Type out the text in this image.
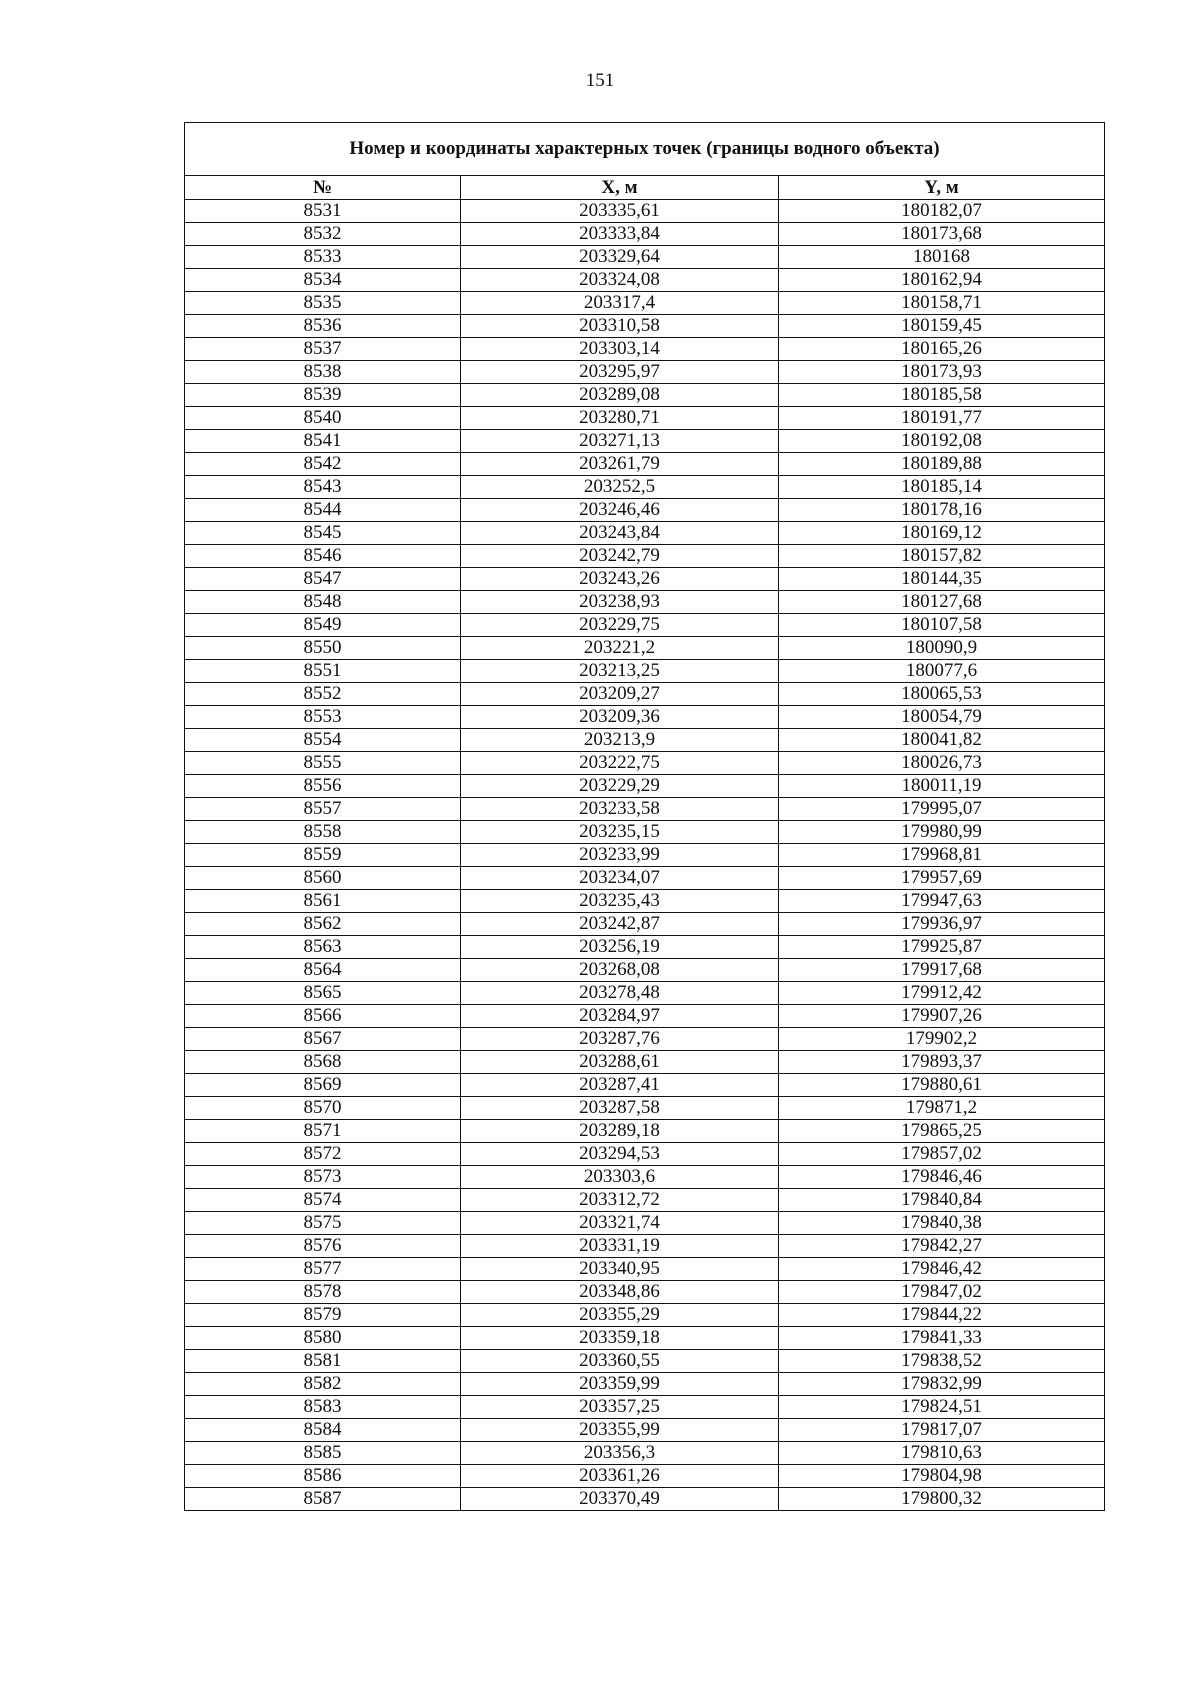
151
Номер и координаты характерных точек (границы водного объекта)		
№	X, м	Y, м
8531	203335,61	180182,07
8532	203333,84	180173,68
8533	203329,64	180168
8534	203324,08	180162,94
8535	203317,4	180158,71
8536	203310,58	180159,45
8537	203303,14	180165,26
8538	203295,97	180173,93
8539	203289,08	180185,58
8540	203280,71	180191,77
8541	203271,13	180192,08
8542	203261,79	180189,88
8543	203252,5	180185,14
8544	203246,46	180178,16
8545	203243,84	180169,12
8546	203242,79	180157,82
8547	203243,26	180144,35
8548	203238,93	180127,68
8549	203229,75	180107,58
8550	203221,2	180090,9
8551	203213,25	180077,6
8552	203209,27	180065,53
8553	203209,36	180054,79
8554	203213,9	180041,82
8555	203222,75	180026,73
8556	203229,29	180011,19
8557	203233,58	179995,07
8558	203235,15	179980,99
8559	203233,99	179968,81
8560	203234,07	179957,69
8561	203235,43	179947,63
8562	203242,87	179936,97
8563	203256,19	179925,87
8564	203268,08	179917,68
8565	203278,48	179912,42
8566	203284,97	179907,26
8567	203287,76	179902,2
8568	203288,61	179893,37
8569	203287,41	179880,61
8570	203287,58	179871,2
8571	203289,18	179865,25
8572	203294,53	179857,02
8573	203303,6	179846,46
8574	203312,72	179840,84
8575	203321,74	179840,38
8576	203331,19	179842,27
8577	203340,95	179846,42
8578	203348,86	179847,02
8579	203355,29	179844,22
8580	203359,18	179841,33
8581	203360,55	179838,52
8582	203359,99	179832,99
8583	203357,25	179824,51
8584	203355,99	179817,07
8585	203356,3	179810,63
8586	203361,26	179804,98
8587	203370,49	179800,32
